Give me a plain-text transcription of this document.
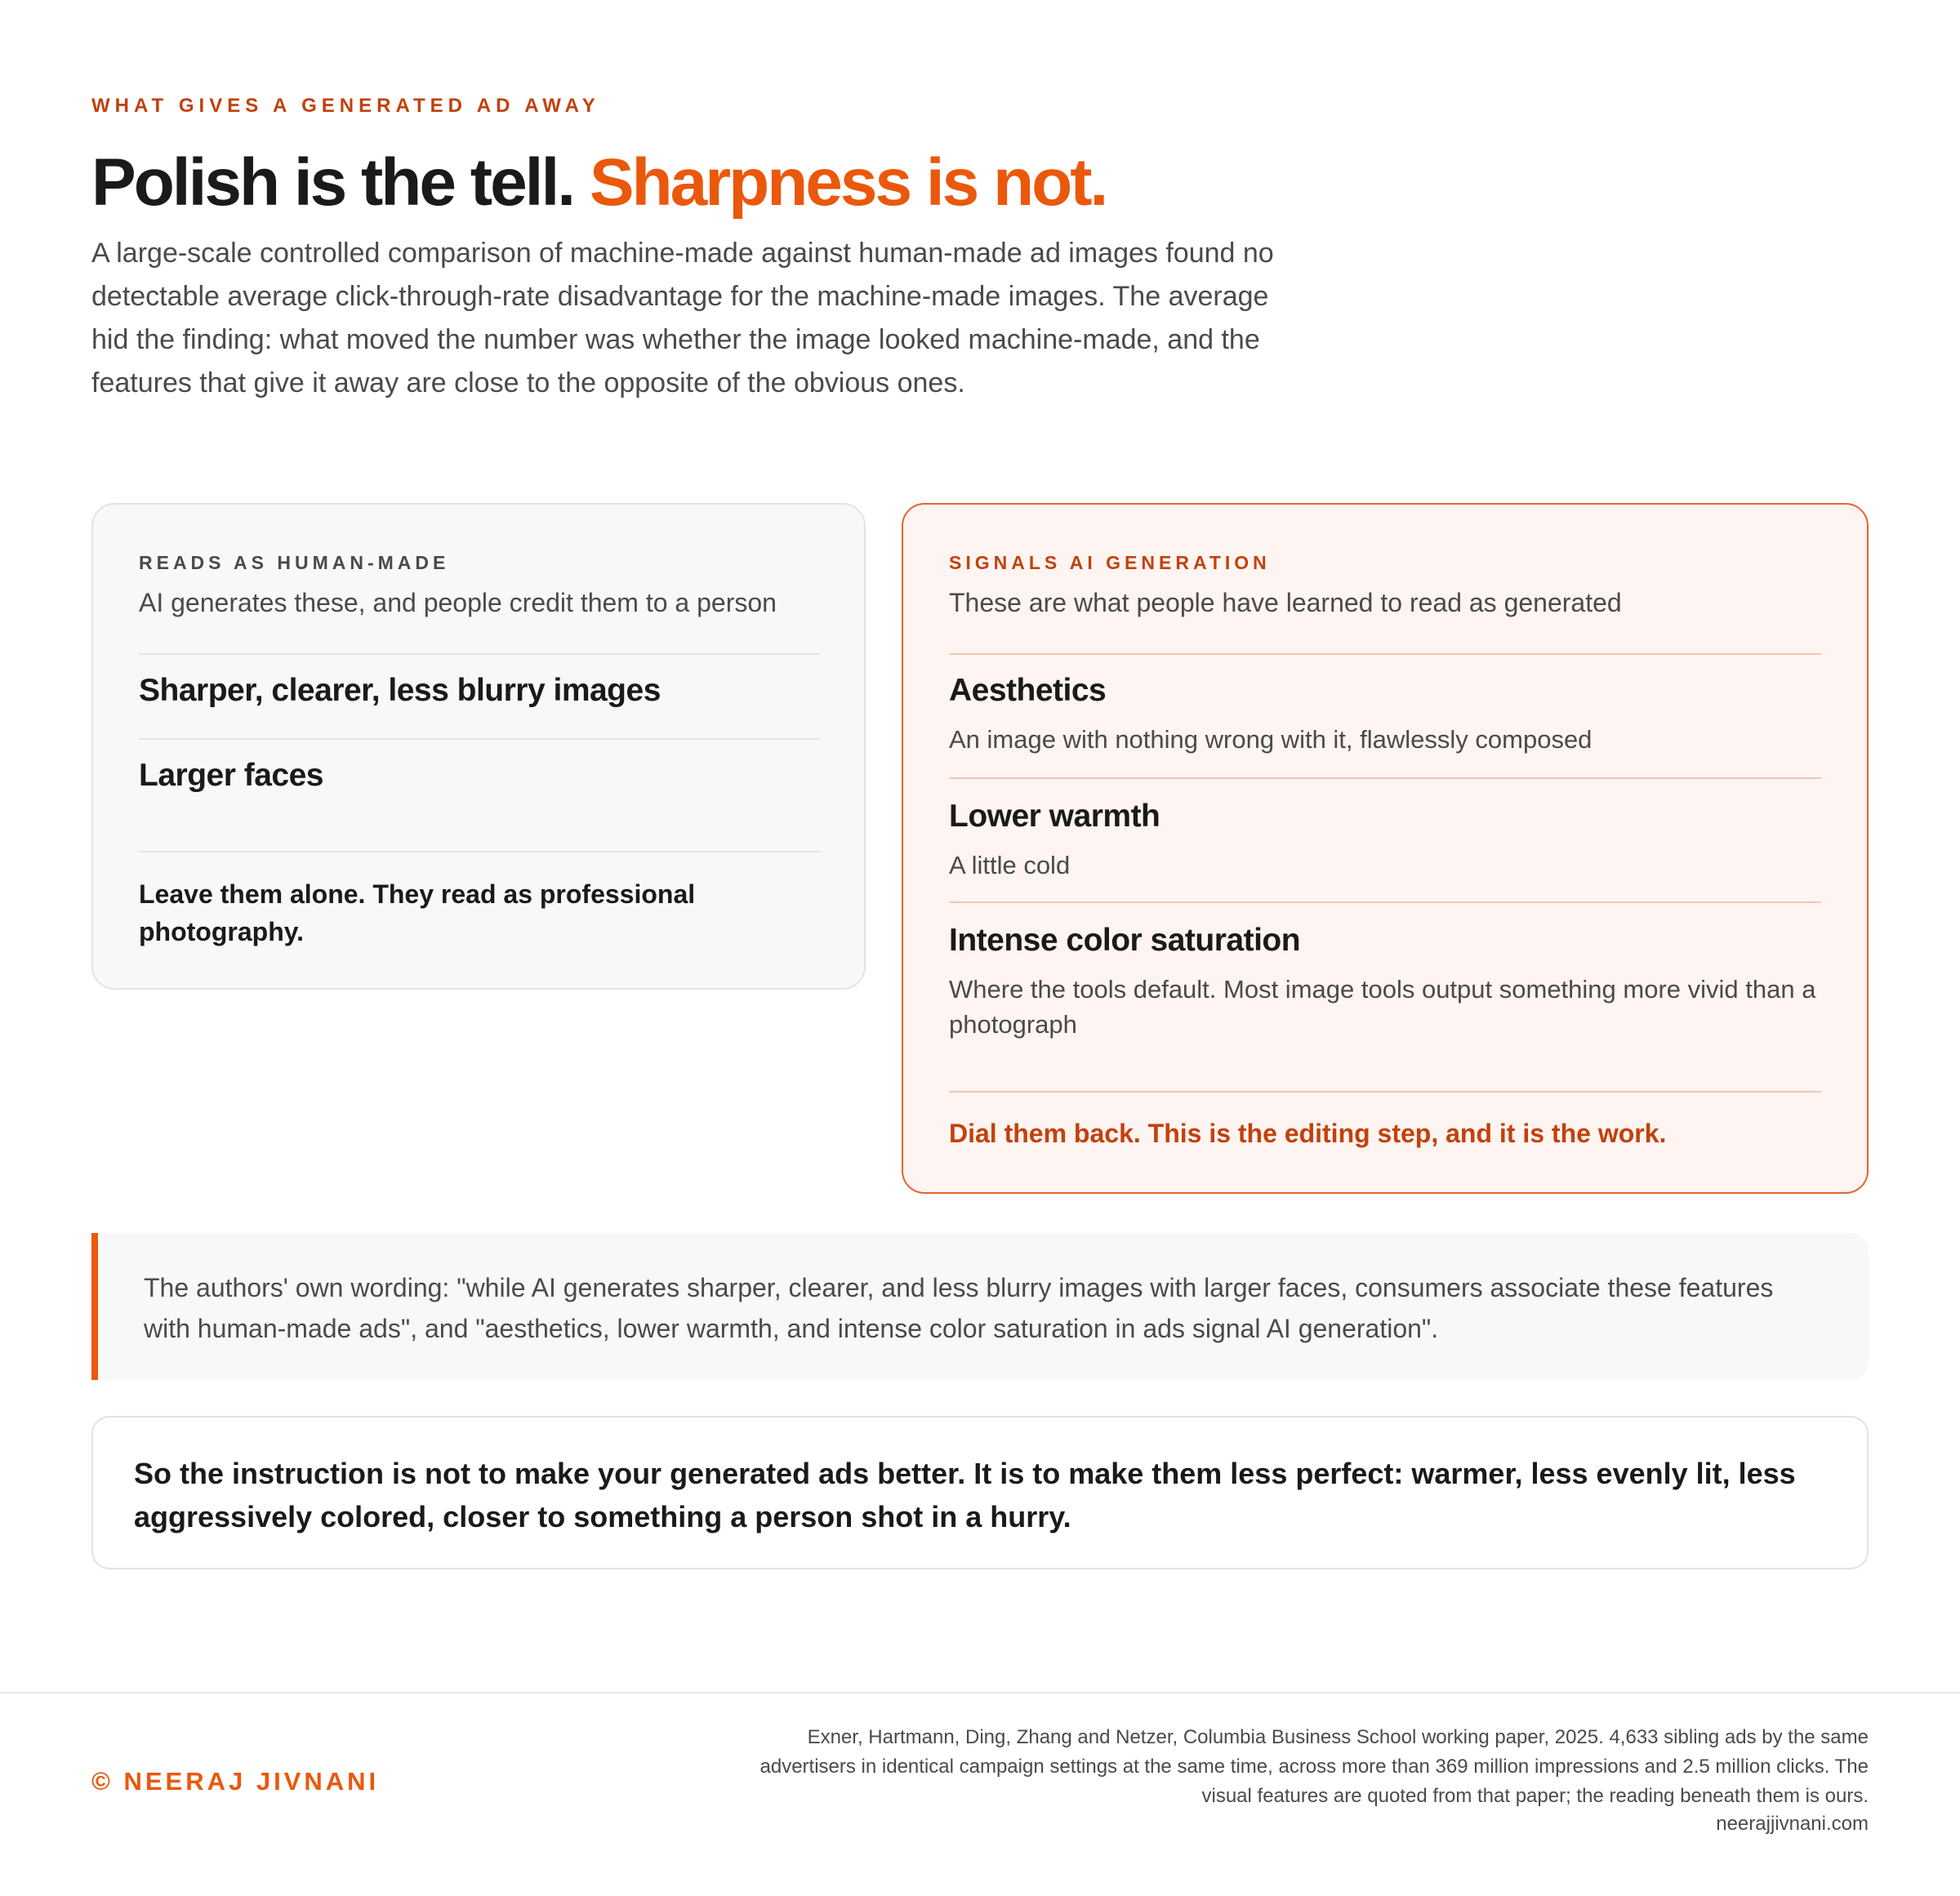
WHAT GIVES A GENERATED AD AWAY
Polish is the tell. Sharpness is not.

A large-scale controlled comparison of machine-made against human-made ad images found no detectable average click-through-rate disadvantage for the machine-made images. The average hid the finding: what moved the number was whether the image looked machine-made, and the features that give it away are close to the opposite of the obvious ones.

READS AS HUMAN-MADE
AI generates these, and people credit them to a person
Sharper, clearer, less blurry images
Larger faces
Leave them alone. They read as professional photography.
SIGNALS AI GENERATION
These are what people have learned to read as generated
Aesthetics
An image with nothing wrong with it, flawlessly composed
Lower warmth
A little cold
Intense color saturation
Where the tools default. Most image tools output something more vivid than a photograph
Dial them back. This is the editing step, and it is the work.

The authors' own wording: "while AI generates sharper, clearer, and less blurry images with larger faces, consumers associate these features with human-made ads", and "aesthetics, lower warmth, and intense color saturation in ads signal AI generation".

So the instruction is not to make your generated ads better. It is to make them less perfect: warmer, less evenly lit, less aggressively colored, closer to something a person shot in a hurry.

© NEERAJ JIVNANI

Exner, Hartmann, Ding, Zhang and Netzer, Columbia Business School working paper, 2025. 4,633 sibling ads by the same advertisers in identical campaign settings at the same time, across more than 369 million impressions and 2.5 million clicks. The visual features are quoted from that paper; the reading beneath them is ours.

neerajjivnani.com
